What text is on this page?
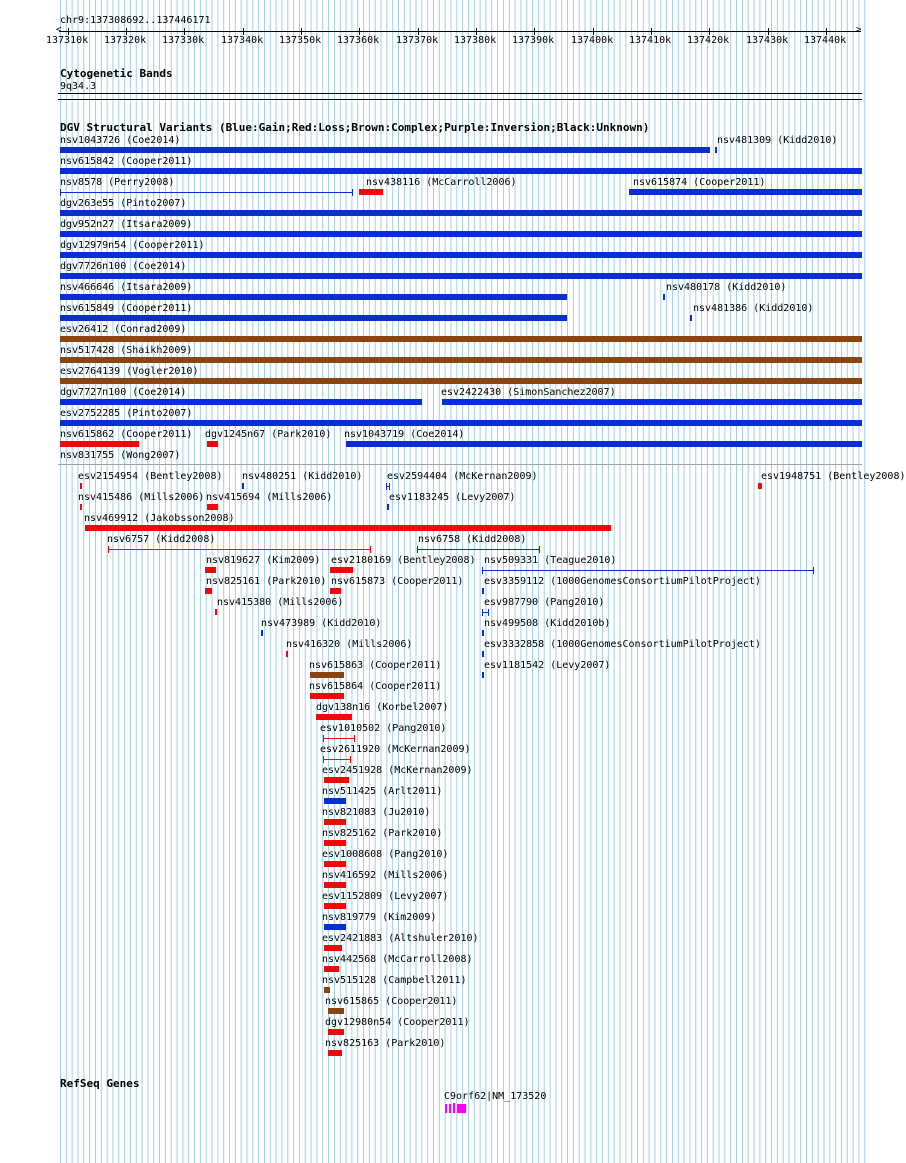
chr9:137308692..137446171
<	>
137310k 137320k 137330k 137340k 137350k 137360k 137370k 137380k 137390k 137400k 137410k 137420k 137430k 137440k
Cytogenetic Bands
9q34.3
DGV Structural Variants (Blue:Gain;Red:Loss;Brown:Complex;Purple:Inversion;Black:Unknown)
nsv1043726 (Coe2014)	nsv481309 (Kidd2010)
nsv615842 (Cooper2011)
nsv8578 (Perry2008)	nsv438116 (McCarroll2006)	nsv615874 (Cooper2011)
dgv263e55 (Pinto2007)
dgv952n27 (Itsara2009)
dgv12979n54 (Cooper2011)
dgv7726n100 (Coe2014)
nsv466646 (Itsara2009)	nsv480178 (Kidd2010)
nsv615849 (Cooper2011)	nsv481386 (Kidd2010)
esv26412 (Conrad2009)
nsv517428 (Shaikh2009)
esv2764139 (Vogler2010)
dgv7727n100 (Coe2014)	esv2422430 (SimonSanchez2007)
esv2752285 (Pinto2007)
nsv615862 (Cooper2011) dgv1245n67 (Park2010) nsv1043719 (Coe2014)
nsv831755 (Wong2007)
esv2154954 (Bentley2008) nsv480251 (Kidd2010) esv2594404 (McKernan2009)	esv1948751 (Bentley2008)
nsv415486 (Mills2006) nsv415694 (Mills2006)	esv1183245 (Levy2007)
nsv469912 (Jakobsson2008)
nsv6757 (Kidd2008)	nsv6758 (Kidd2008)
nsv819627 (Kim2009) esv2180169 (Bentley2008) nsv509331 (Teague2010)
nsv825161 (Park2010) nsv615873 (Cooper2011) esv3359112 (1000GenomesConsortiumPilotProject)
nsv415380 (Mills2006)	esv987790 (Pang2010)
nsv473989 (Kidd2010)	nsv499508 (Kidd2010b)
nsv416320 (Mills2006)	esv3332858 (1000GenomesConsortiumPilotProject)
nsv615863 (Cooper2011)	esv1181542 (Levy2007)
nsv615864 (Cooper2011)
dgv138n16 (Korbel2007)
esv1010502 (Pang2010)
esv2611920 (McKernan2009)
esv2451928 (McKernan2009)
nsv511425 (Arlt2011)
nsv821083 (Ju2010)
nsv825162 (Park2010)
esv1008608 (Pang2010)
nsv416592 (Mills2006)
esv1152809 (Levy2007)
nsv819779 (Kim2009)
esv2421883 (Altshuler2010)
nsv442568 (McCarroll2008)
nsv515128 (Campbell2011)
nsv615865 (Cooper2011)
dgv12980n54 (Cooper2011)
nsv825163 (Park2010)
RefSeq Genes
C9orf62|NM_173520
